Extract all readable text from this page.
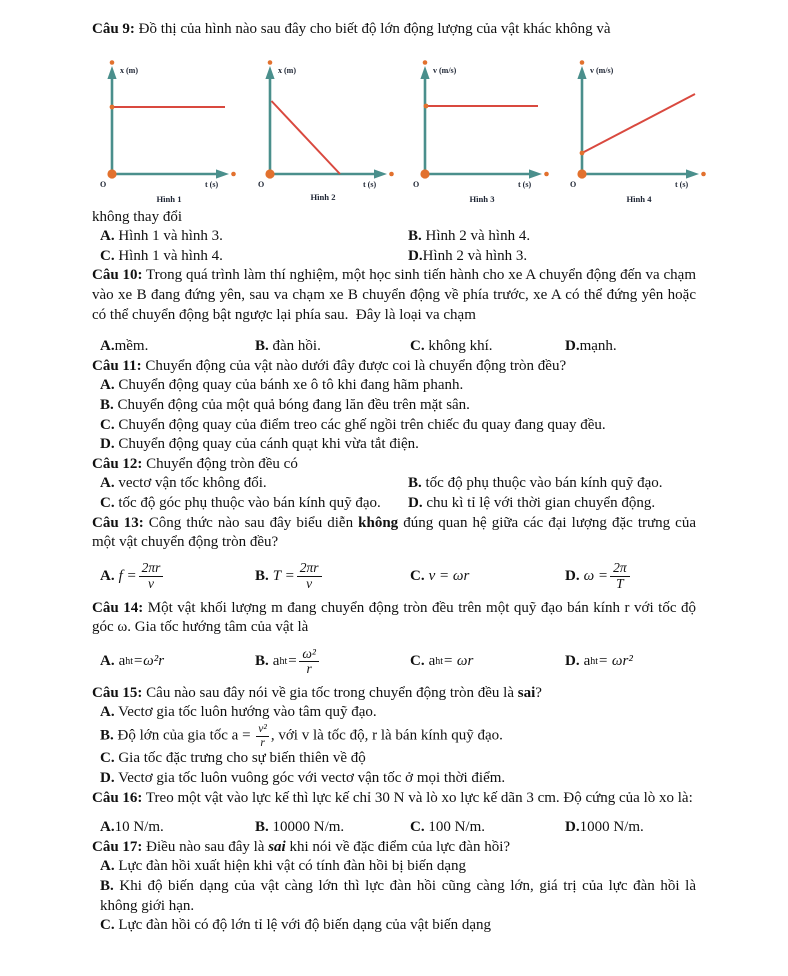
Câu 9: Đồ thị của hình nào sau đây cho biết độ lớn động lượng của vật khác không và

x (m)
O	t (s)
Hình 1
x (m)
O	t (s)
Hình 2
v (m/s)
O	t (s)
Hình 3
v (m/s)
O	t (s)
Hình 4

không thay đổi

A. Hình 1 và hình 3.	B. Hình 2 và hình 4.

C. Hình 1 và hình 4.	D.Hình 2 và hình 3.

Câu 10: Trong quá trình làm thí nghiệm, một học sinh tiến hành cho xe A chuyển động đến va chạm vào xe B đang đứng yên, sau va chạm xe B chuyển động về phía trước, xe A có thể đứng yên hoặc có thể chuyển động bật ngược lại phía sau.  Đây là loại va chạm

A.mềm.	B. đàn hồi.	C. không khí.	D.mạnh.

Câu 11: Chuyển động của vật nào dưới đây được coi là chuyển động tròn đều?

A. Chuyển động quay của bánh xe ô tô khi đang hãm phanh.

B. Chuyển động của một quả bóng đang lăn đều trên mặt sân.

C. Chuyển động quay của điểm treo các ghế ngồi trên chiếc đu quay đang quay đều.

D. Chuyển động quay của cánh quạt khi vừa tắt điện.

Câu 12: Chuyển động tròn đều có

A. vectơ vận tốc không đổi.	B. tốc độ phụ thuộc vào bán kính quỹ đạo.

C. tốc độ góc phụ thuộc vào bán kính quỹ đạo.	D. chu kì tỉ lệ với thời gian chuyển động.

Câu 13: Công thức nào sau đây biểu diễn không đúng quan hệ giữa các đại lượng đặc trưng của một vật chuyển động tròn đều?

A. $f = \frac{2\pi r}{v}$	B. $T = \frac{2\pi r}{v}$	C. v = ωr	D. $\omega = \frac{2\pi}{T}$

Câu 14: Một vật khối lượng m đang chuyển động tròn đều trên một quỹ đạo bán kính r với tốc độ góc ω. Gia tốc hướng tâm của vật là

A. a ht =ω²r	B. a ht = $\frac{\text{ω²}}{r}$	C. a ht = ωr	D. a ht = ωr²

Câu 15: Câu nào sau đây nói về gia tốc trong chuyển động tròn đều là sai?

A. Vectơ gia tốc luôn hướng vào tâm quỹ đạo.

B. Độ lớn của gia tốc $a = \frac{\text{v²}}{r}$ , với v là tốc độ, r là bán kính quỹ đạo.

C. Gia tốc đặc trưng cho sự biến thiên về độ

D. Vectơ gia tốc luôn vuông góc với vectơ vận tốc ở mọi thời điểm.

Câu 16: Treo một vật vào lực kế thì lực kế chỉ 30 N và lò xo lực kế dãn 3 cm. Độ cứng của lò xo là:

A.10 N/m.	B. 10000 N/m.	C. 100 N/m.	D.1000 N/m.

Câu 17: Điều nào sau đây là sai khi nói về đặc điểm của lực đàn hồi?

A. Lực đàn hồi xuất hiện khi vật có tính đàn hồi bị biến dạng

B. Khi độ biến dạng của vật càng lớn thì lực đàn hồi cũng càng lớn, giá trị của lực đàn hồi là không giới hạn.

C. Lực đàn hồi có độ lớn tỉ lệ với độ biến dạng của vật biến dạng
